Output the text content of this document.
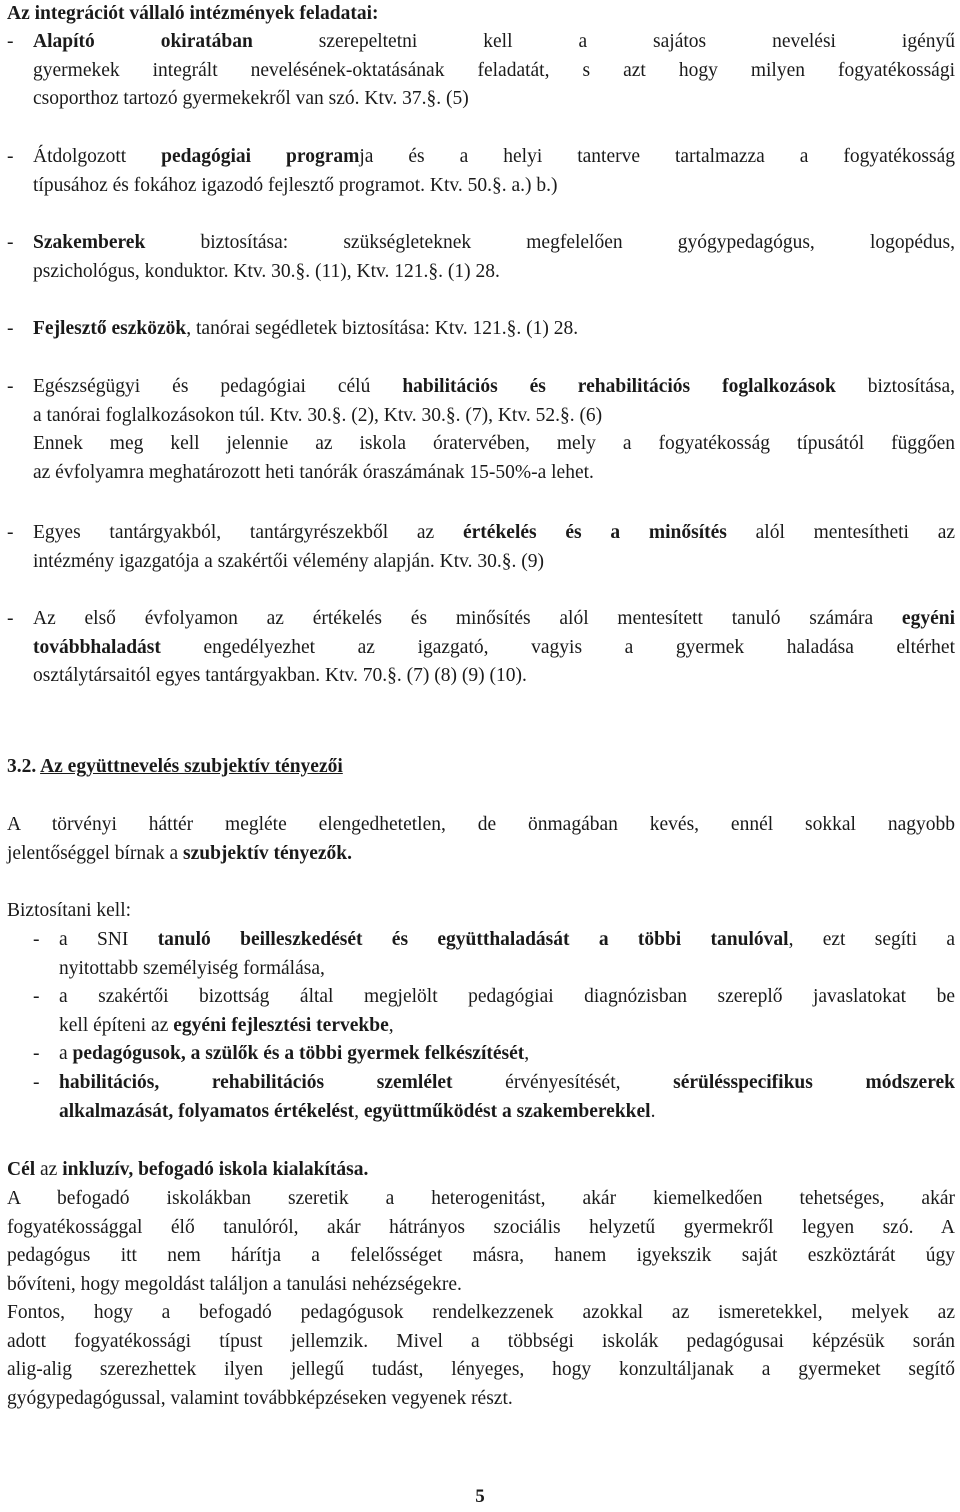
Az integrációt vállaló intézmények feladatai:
-	Alapító okiratában szerepeltetni kell a sajátos nevelési igényű
gyermekek integrált nevelésének-oktatásának feladatát, s azt hogy milyen fogyatékossági
csoporthoz tartozó gyermekekről van szó. Ktv. 37.§. (5)
-	Átdolgozott pedagógiai programja és a helyi tanterve tartalmazza a fogyatékosság
típusához és fokához igazodó fejlesztő programot. Ktv. 50.§. a.) b.)
-	Szakemberek biztosítása: szükségleteknek megfelelően gyógypedagógus, logopédus,
pszichológus, konduktor. Ktv. 30.§. (11), Ktv. 121.§. (1) 28.
-	Fejlesztő eszközök, tanórai segédletek biztosítása: Ktv. 121.§. (1) 28.
-	Egészségügyi és pedagógiai célú habilitációs és rehabilitációs foglalkozások biztosítása,
a tanórai foglalkozásokon túl. Ktv. 30.§. (2), Ktv. 30.§. (7), Ktv. 52.§. (6)
Ennek meg kell jelennie az iskola óratervében, mely a fogyatékosság típusától függően
az évfolyamra meghatározott heti tanórák óraszámának 15-50%-a lehet.
-	Egyes tantárgyakból, tantárgyrészekből az értékelés és a minősítés alól mentesítheti az
intézmény igazgatója a szakértői vélemény alapján. Ktv. 30.§. (9)
-	Az első évfolyamon az értékelés és minősítés alól mentesített tanuló számára egyéni
továbbhaladást engedélyezhet az igazgató, vagyis a gyermek haladása eltérhet
osztálytársaitól egyes tantárgyakban. Ktv. 70.§. (7) (8) (9) (10).
3.2. Az együttnevelés szubjektív tényezői
A törvényi háttér megléte elengedhetetlen, de önmagában kevés, ennél sokkal nagyobb
jelentőséggel bírnak a szubjektív tényezők.
Biztosítani kell:
-	a SNI tanuló beilleszkedését és együtthaladását a többi tanulóval, ezt segíti a
nyitottabb személyiség formálása,
-	a szakértői bizottság által megjelölt pedagógiai diagnózisban szereplő javaslatokat be
kell építeni az egyéni fejlesztési tervekbe,
-	a pedagógusok, a szülők és a többi gyermek felkészítését,
-	habilitációs, rehabilitációs szemlélet érvényesítését, sérülésspecifikus módszerek
alkalmazását, folyamatos értékelést, együttműködést a szakemberekkel.
Cél az inkluzív, befogadó iskola kialakítása.
A befogadó iskolákban szeretik a heterogenitást, akár kiemelkedően tehetséges, akár
fogyatékossággal élő tanulóról, akár hátrányos szociális helyzetű gyermekről legyen szó. A
pedagógus itt nem hárítja a felelősséget másra, hanem igyekszik saját eszköztárát úgy
bővíteni, hogy megoldást találjon a tanulási nehézségekre.
Fontos, hogy a befogadó pedagógusok rendelkezzenek azokkal az ismeretekkel, melyek az
adott fogyatékossági típust jellemzik. Mivel a többségi iskolák pedagógusai képzésük során
alig-alig szerezhettek ilyen jellegű tudást, lényeges, hogy konzultáljanak a gyermeket segítő
gyógypedagógussal, valamint továbbképzéseken vegyenek részt.
5
